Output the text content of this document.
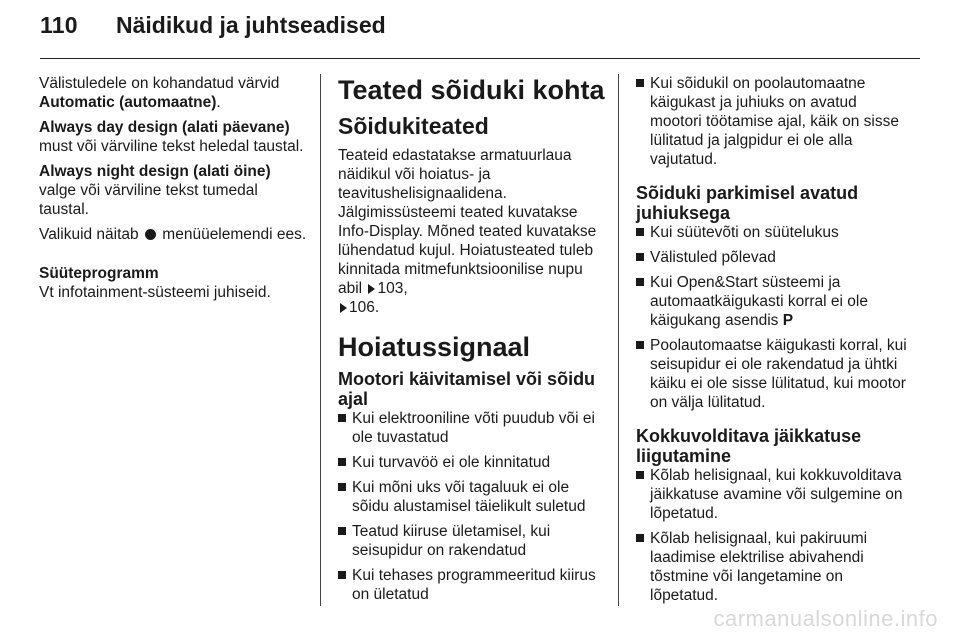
110 Näidikud ja juhtseadised

Välistuledele on kohandatud värvid
Automatic (automaatne).

Always day design (alati päevane) must või värviline tekst heledal taustal.

Always night design (alati öine) valge või värviline tekst tumedal taustal.

Valikuid näitab menüüelemendi ees.

Süüteprogramm

Vt infotainment-süsteemi juhiseid.

Teated sõiduki kohta
Sõidukiteated

Teateid edastatakse armatuurlaua näidikul või hoiatus- ja teavitushelisignaalidena. Jälgimissüsteemi teated kuvatakse Info-Display. Mõned teated kuvatakse lühendatud kujul. Hoiatusteated tuleb kinnitada mitmefunktsioonilise nupu abil 103,
106.

Hoiatussignaal
Mootori käivitamisel või sõidu ajal
Kui elektrooniline võti puudub või ei ole tuvastatud
Kui turvavöö ei ole kinnitatud
Kui mõni uks või tagaluuk ei ole sõidu alustamisel täielikult suletud
Teatud kiiruse ületamisel, kui seisupidur on rakendatud
Kui tehases programmeeritud kiirus on ületatud
Kui sõidukil on poolautomaatne käigukast ja juhiuks on avatud mootori töötamise ajal, käik on sisse lülitatud ja jalgpidur ei ole alla vajutatud.
Sõiduki parkimisel avatud juhiuksega
Kui süütevõti on süütelukus
Välistuled põlevad
Kui Open&Start süsteemi ja automaatkäigukasti korral ei ole käigukang asendis P
Poolautomaatse käigukasti korral, kui seisupidur ei ole rakendatud ja ühtki käiku ei ole sisse lülitatud, kui mootor on välja lülitatud.
Kokkuvolditava jäikkatuse liigutamine
Kõlab helisignaal, kui kokkuvolditava jäikkatuse avamine või sulgemine on lõpetatud.
Kõlab helisignaal, kui pakiruumi laadimise elektrilise abivahendi tõstmine või langetamine on lõpetatud.
carmanualsonline.info
